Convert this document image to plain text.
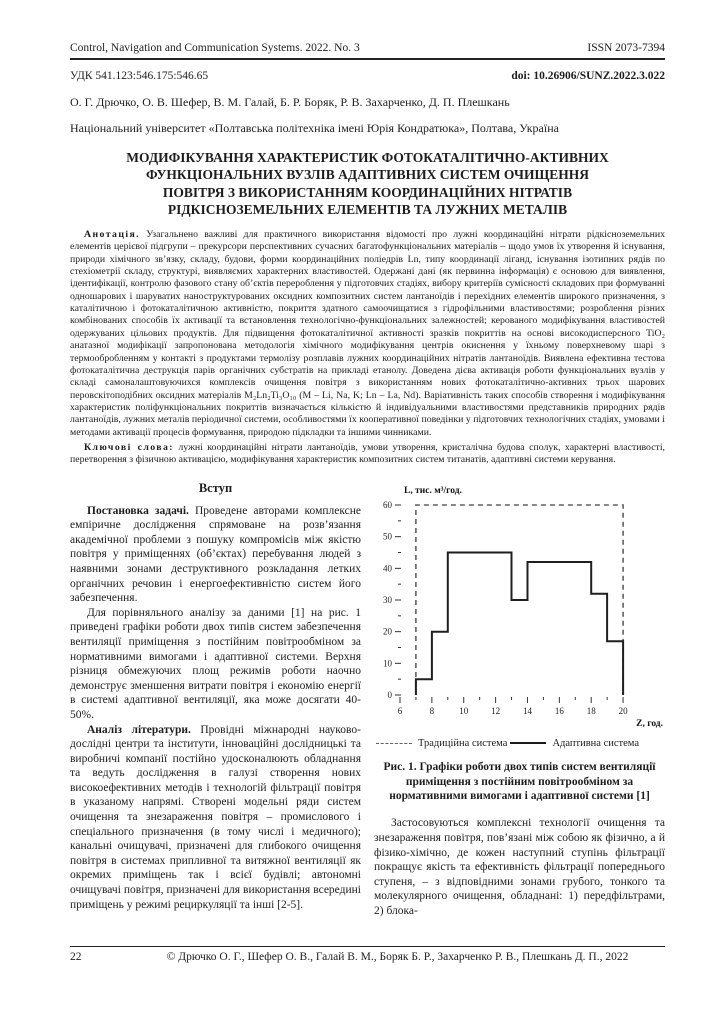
Control, Navigation and Communication Systems. 2022. No. 3	ISSN 2073-7394
УДК 541.123:546.175:546.65	doi: 10.26906/SUNZ.2022.3.022
О. Г. Дрючко, О. В. Шефер, В. М. Галай, Б. Р. Боряк, Р. В. Захарченко, Д. П. Плешкань
Національний університет «Полтавська політехніка імені Юрія Кондратюка», Полтава, Україна
МОДИФІКУВАННЯ ХАРАКТЕРИСТИК ФОТОКАТАЛІТИЧНО-АКТИВНИХ ФУНКЦІОНАЛЬНИХ ВУЗЛІВ АДАПТИВНИХ СИСТЕМ ОЧИЩЕННЯ ПОВІТРЯ З ВИКОРИСТАННЯМ КООРДИНАЦІЙНИХ НІТРАТІВ РІДКІСНОЗЕМЕЛЬНИХ ЕЛЕМЕНТІВ ТА ЛУЖНИХ МЕТАЛІВ

Анотація. Узагальнено важливі для практичного використання відомості про лужні координаційні нітрати рідкісноземельних елементів церієвої підгрупи – прекурсори перспективних сучасних багатофункціональних матеріалів – щодо умов їх утворення й існування, природи хімічного зв’язку, складу, будови, форми координаційних поліедрів Ln, типу координації ліганд, існування ізотипних рядів по стехіометрії складу, структурі, виявляємих характерних властивостей. Одержані дані (як первинна інформація) є основою для виявлення, ідентифікації, контролю фазового стану об’єктів перероблення у підготовчих стадіях, вибору критеріїв сумісності складових при формуванні одношарових і шаруватих наноструктурованих оксидних композитних систем лантаноїдів і перехідних елементів широкого призначення, з каталітичною і фотокаталітичною активністю, покриття здатного самоочищатися з гідрофільними властивостями; розроблення різних комбінованих способів їх активації та встановлення технологічно-функціональних залежностей; керованого модифікування властивостей одержуваних цільових продуктів. Для підвищення фотокаталітичної активності зразків покриттів на основі високодисперсного TiO₂ анатазної модифікації запропонована методологія хімічного модифікування центрів окиснення у їхньому поверхневому шарі з термообробленням у контакті з продуктами термолізу розплавів лужних координаційних нітратів лантаноїдів. Виявлена ефективна тестова фотокаталітична деструкція парів органічних субстратів на прикладі етанолу. Доведена дієва активація роботи функціональних вузлів у складі самоналаштовуючихся комплексів очищення повітря з використанням нових фотокаталітично-активних трьох шарових перовскітоподібних оксидних матеріалів M₂Ln₂Ti₃O₁₀ (M – Li, Na, K; Ln – La, Nd). Варіативність таких способів створення і модифікування характеристик поліфункціональних покриттів визначається кількістю й індивідуальними властивостями представників природних рядів лантаноїдів, лужних металів періодичної системи, особливостями їх кооперативної поведінки у підготовчих технологічних стадіях, умовами і методами активації процесів формування, природою підкладки та іншими чинниками.

Ключові слова: лужні координаційні нітрати лантаноїдів, умови утворення, кристалічна будова сполук, характерні властивості, перетворення з фізичною активацією, модифікування характеристик композитних систем титанатів, адаптивні системи керування.

Вступ

Постановка задачі. Проведене авторами комплексне емпіричне дослідження спрямоване на розв’язання академічної проблеми з пошуку компромісів між якістю повітря у приміщеннях (об’єктах) перебування людей з наявними зонами деструктивного розкладання летких органічних речовин і енергоефективністю систем його забезпечення.

Для порівняльного аналізу за даними [1] на рис. 1 приведені графіки роботи двох типів систем забезпечення вентиляції приміщення з постійним повітрообміном за нормативними вимогами і адаптивної системи. Верхня різниця обмежуючих площ режимів роботи наочно демонструє зменшення витрати повітря і економію енергії в системі адаптивної вентиляції, яка може досягати 40-50%.

Аналіз літератури. Провідні міжнародні науково-дослідні центри та інститути, інноваційні дослідницькі та виробничі компанії постійно удосконалюють обладнання та ведуть дослідження в галузі створення нових високоефективних методів і технологій фільтрації повітря в указаному напрямі. Створені модельні ряди систем очищення та знезараження повітря – промислового і спеціального призначення (в тому числі і медичного); канальні очищувачі, призначені для глибокого очищення повітря в системах припливної та витяжної вентиляції як окремих приміщень так і всієї будівлі; автономні очищувачі повітря, призначені для використання всередині приміщень у режимі рециркуляції та інші [2-5].

0
10
20
30
40
50
60
6	8	10	12	14	16	18	20
L, тис. м³/год.
Z, год.
Традиційна система	Адаптивна система
Рис. 1. Графіки роботи двох типів систем вентиляції приміщення з постійним повітрообміном за нормативними вимогами і адаптивної системи [1]

Застосовуються комплексні технології очищення та знезараження повітря, пов’язані між собою як фізично, а й фізико-хімічно, де кожен наступний ступінь фільтрації покращує якість та ефективність фільтрації попереднього ступеня, – з відповідними зонами грубого, тонкого та молекулярного очищення, обладнані: 1) передфільтрами, 2) блока-

22	© Дрючко О. Г., Шефер О. В., Галай В. М., Боряк Б. Р., Захарченко Р. В., Плешкань Д. П., 2022
